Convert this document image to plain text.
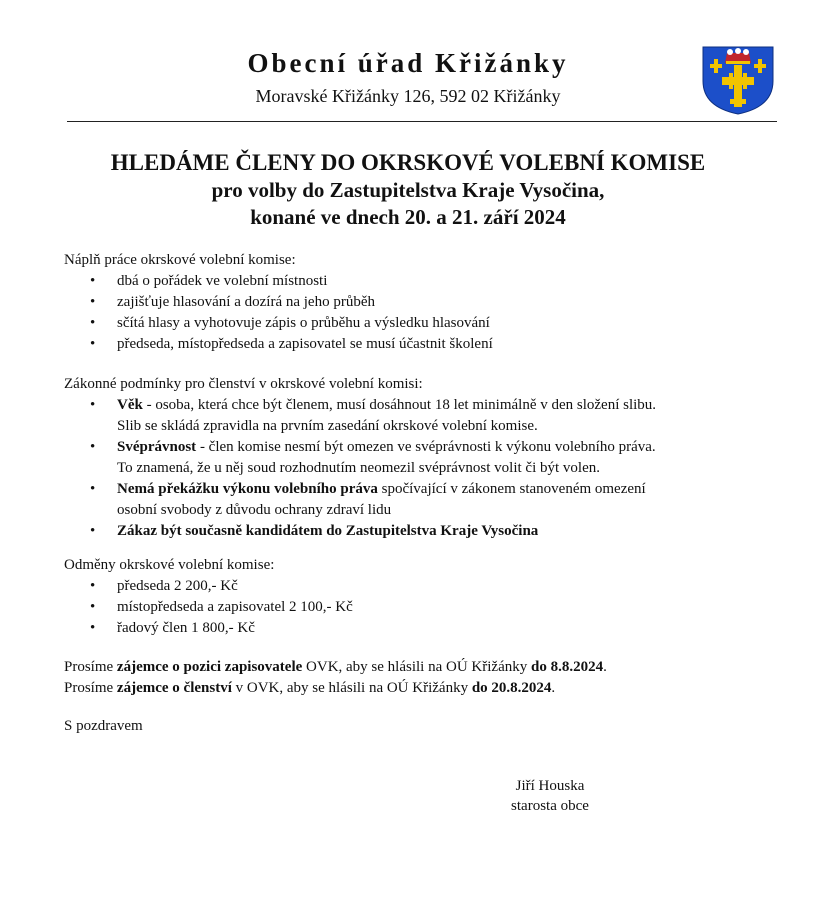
Obecní úřad Křižánky
Moravské Křižánky 126, 592 02 Křižánky
HLEDÁME ČLENY DO OKRSKOVÉ VOLEBNÍ KOMISE
pro volby do Zastupitelstva Kraje Vysočina,
konané ve dnech 20. a 21. září 2024

Náplň práce okrskové volební komise:

• dbá o pořádek ve volební místnosti
• zajišťuje hlasování a dozírá na jeho průběh
• sčítá hlasy a vyhotovuje zápis o průběhu a výsledku hlasování
• předseda, místopředseda a zapisovatel se musí účastnit školení

Zákonné podmínky pro členství v okrskové volební komisi:

• Věk - osoba, která chce být členem, musí dosáhnout 18 let minimálně v den složení slibu.
Slib se skládá zpravidla na prvním zasedání okrskové volební komise.
• Svéprávnost - člen komise nesmí být omezen ve svéprávnosti k výkonu volebního práva.
To znamená, že u něj soud rozhodnutím neomezil svéprávnost volit či být volen.
• Nemá překážku výkonu volebního práva spočívající v zákonem stanoveném omezení
osobní svobody z důvodu ochrany zdraví lidu
• Zákaz být současně kandidátem do Zastupitelstva Kraje Vysočina

Odměny okrskové volební komise:

• předseda 2 200,- Kč
• místopředseda a zapisovatel 2 100,- Kč
• řadový člen 1 800,- Kč
Prosíme zájemce o pozici zapisovatele OVK, aby se hlásili na OÚ Křižánky do 8.8.2024.
Prosíme zájemce o členství v OVK, aby se hlásili na OÚ Křižánky do 20.8.2024.
S pozdravem
Jiří Houska
starosta obce
